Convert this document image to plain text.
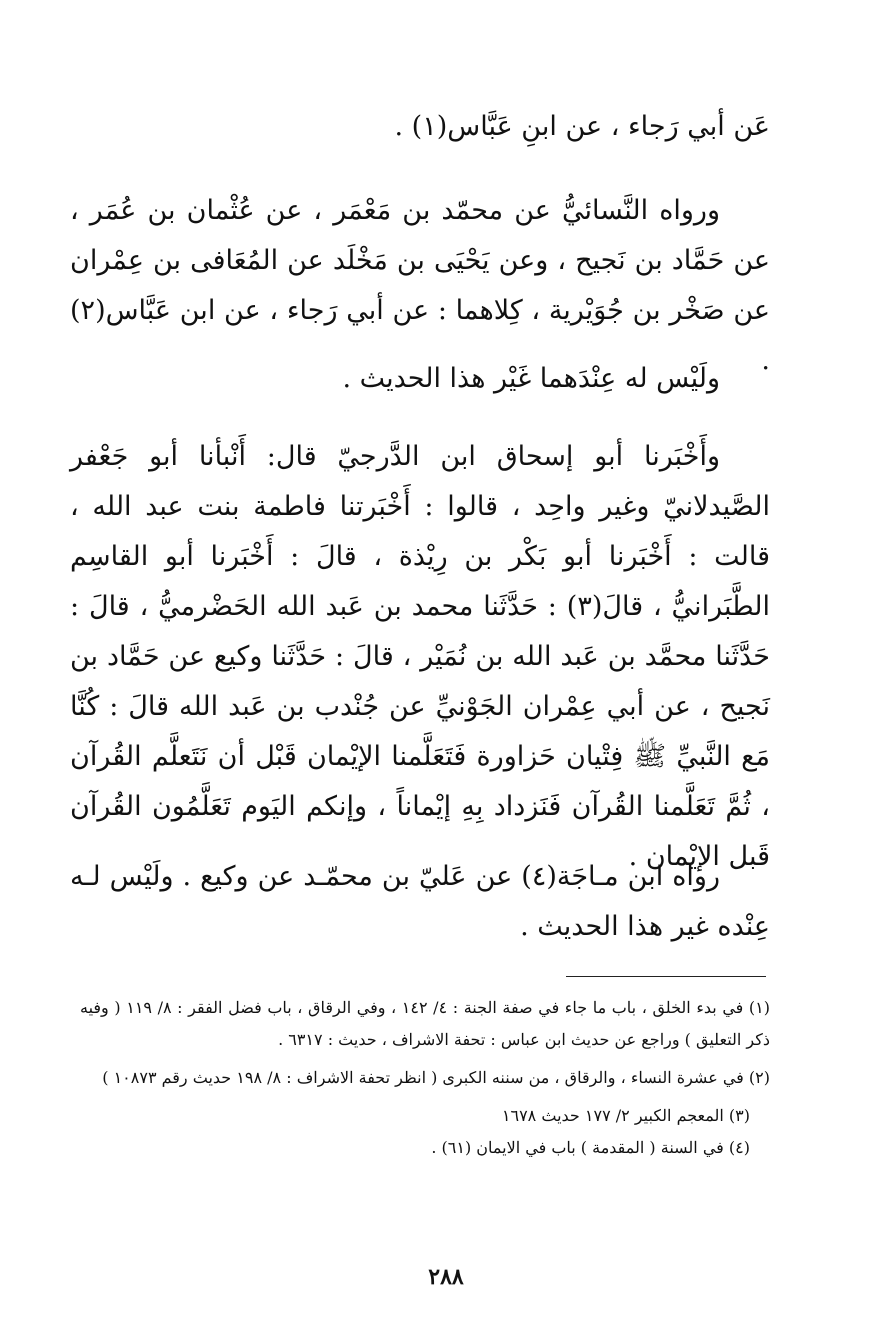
عَن أبي رَجاء ، عن ابنِ عَبَّاس(١) .

ورواه النَّسائيُّ عن محمّد بن مَعْمَر ، عن عُثْمان بن عُمَر ، عن حَمَّاد بن نَجيح ، وعن يَحْيَى بن مَخْلَد عن المُعَافى بن عِمْران عن صَخْر بن جُوَيْرية ، كِلاهما : عن أبي رَجاء ، عن ابن عَبَّاس(٢) .

ولَيْس له عِنْدَهما غَيْر هذا الحديث .

وأَخْبَرنا أبو إسحاق ابن الدَّرجيّ قال: أَنْبأنا أبو جَعْفر الصَّيدلانيّ وغير واحِد ، قالوا : أَخْبَرتنا فاطمة بنت عبد الله ، قالت : أَخْبَرنا أبو بَكْر بن رِيْذة ، قالَ : أَخْبَرنا أبو القاسِم الطَّبَرانيُّ ، قالَ(٣) : حَدَّثَنا محمد بن عَبد الله الحَضْرميُّ ، قالَ : حَدَّثَنا محمَّد بن عَبد الله بن نُمَيْر ، قالَ : حَدَّثَنا وكيع عن حَمَّاد بن نَجيح ، عن أبي عِمْران الجَوْنيِّ عن جُنْدب بن عَبد الله قالَ : كُنَّا مَع النَّبيِّ ﷺ فِتْيان حَزاورة فَتَعَلَّمنا الإيْمان قَبْل أن نَتَعلَّم القُرآن ، ثُمَّ تَعَلَّمنا القُرآن فَنَزداد بِهِ إيْماناً ، وإنكم اليَوم تَعَلَّمُون القُرآن قَبل الإيْمان .

رواه ابن مـاجَة(٤) عن عَليّ بن محمّـد عن وكيع . ولَيْس لـه عِنْده غير هذا الحديث .

(١) في بدء الخلق ، باب ما جاء في صفة الجنة : ٤/ ١٤٢ ، وفي الرقاق ، باب فضل الفقر : ٨/ ١١٩ ( وفيه ذكر التعليق ) وراجع عن حديث ابن عباس : تحفة الاشراف ، حديث : ٦٣١٧ .

(٢) في عشرة النساء ، والرقاق ، من سننه الكبرى ( انظر تحفة الاشراف : ٨/ ١٩٨ حديث رقم ١٠٨٧٣ )

(٣) المعجم الكبير ٢/ ١٧٧ حديث ١٦٧٨

(٤) في السنة ( المقدمة ) باب في الايمان (٦١) .

٢٨٨
